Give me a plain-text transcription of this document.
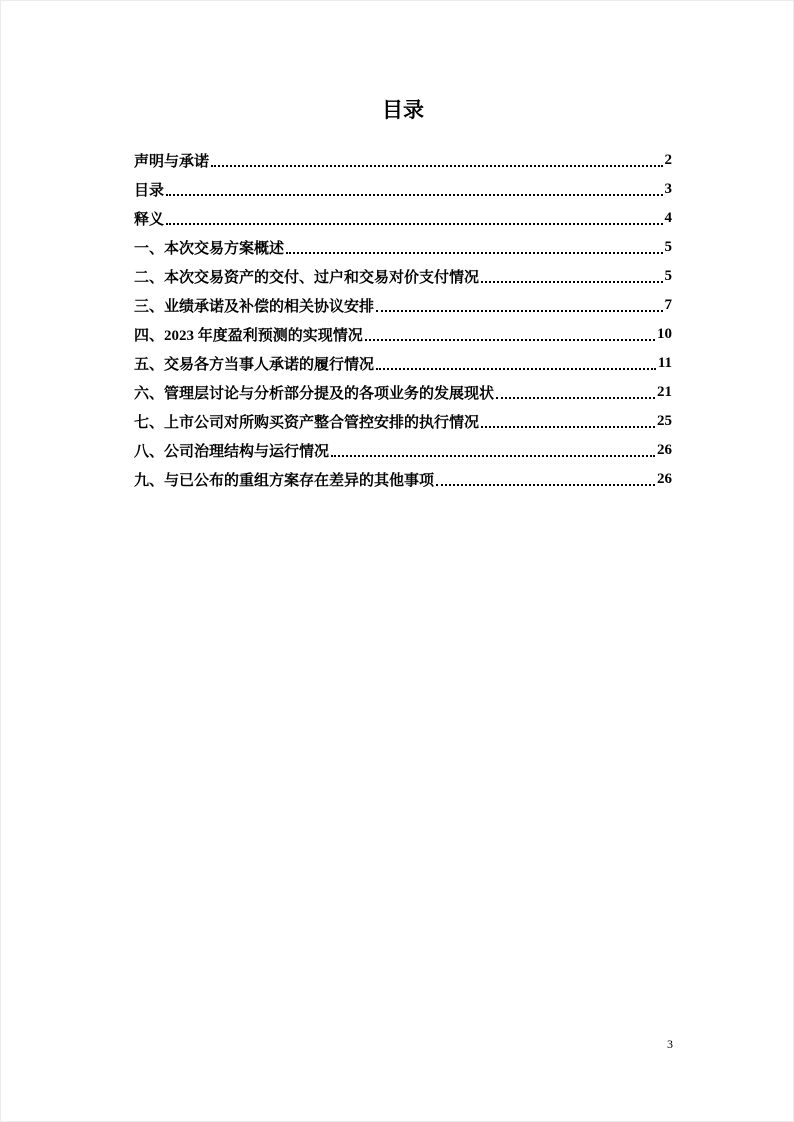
目录
声明与承诺	2
目录	3
释义	4
一、本次交易方案概述	5
二、本次交易资产的交付、过户和交易对价支付情况	5
三、业绩承诺及补偿的相关协议安排	7
四、2023 年度盈利预测的实现情况	10
五、交易各方当事人承诺的履行情况	11
六、管理层讨论与分析部分提及的各项业务的发展现状	21
七、上市公司对所购买资产整合管控安排的执行情况	25
八、公司治理结构与运行情况	26
九、与已公布的重组方案存在差异的其他事项	26
3
